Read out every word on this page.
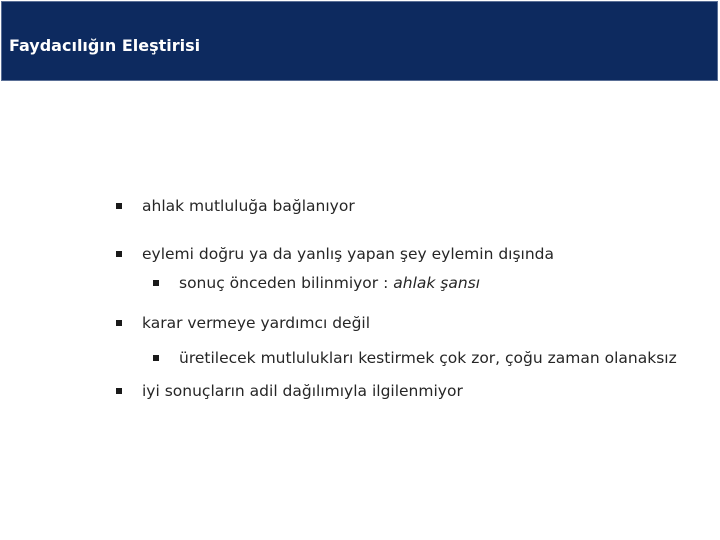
Faydacılığın Eleştirisi
ahlak mutluluğa bağlanıyor
eylemi doğru ya da yanlış yapan şey eylemin dışında
sonuç önceden bilinmiyor : ahlak şansı
karar vermeye yardımcı değil
üretilecek mutlulukları kestirmek çok zor, çoğu zaman olanaksız
iyi sonuçların adil dağılımıyla ilgilenmiyor
